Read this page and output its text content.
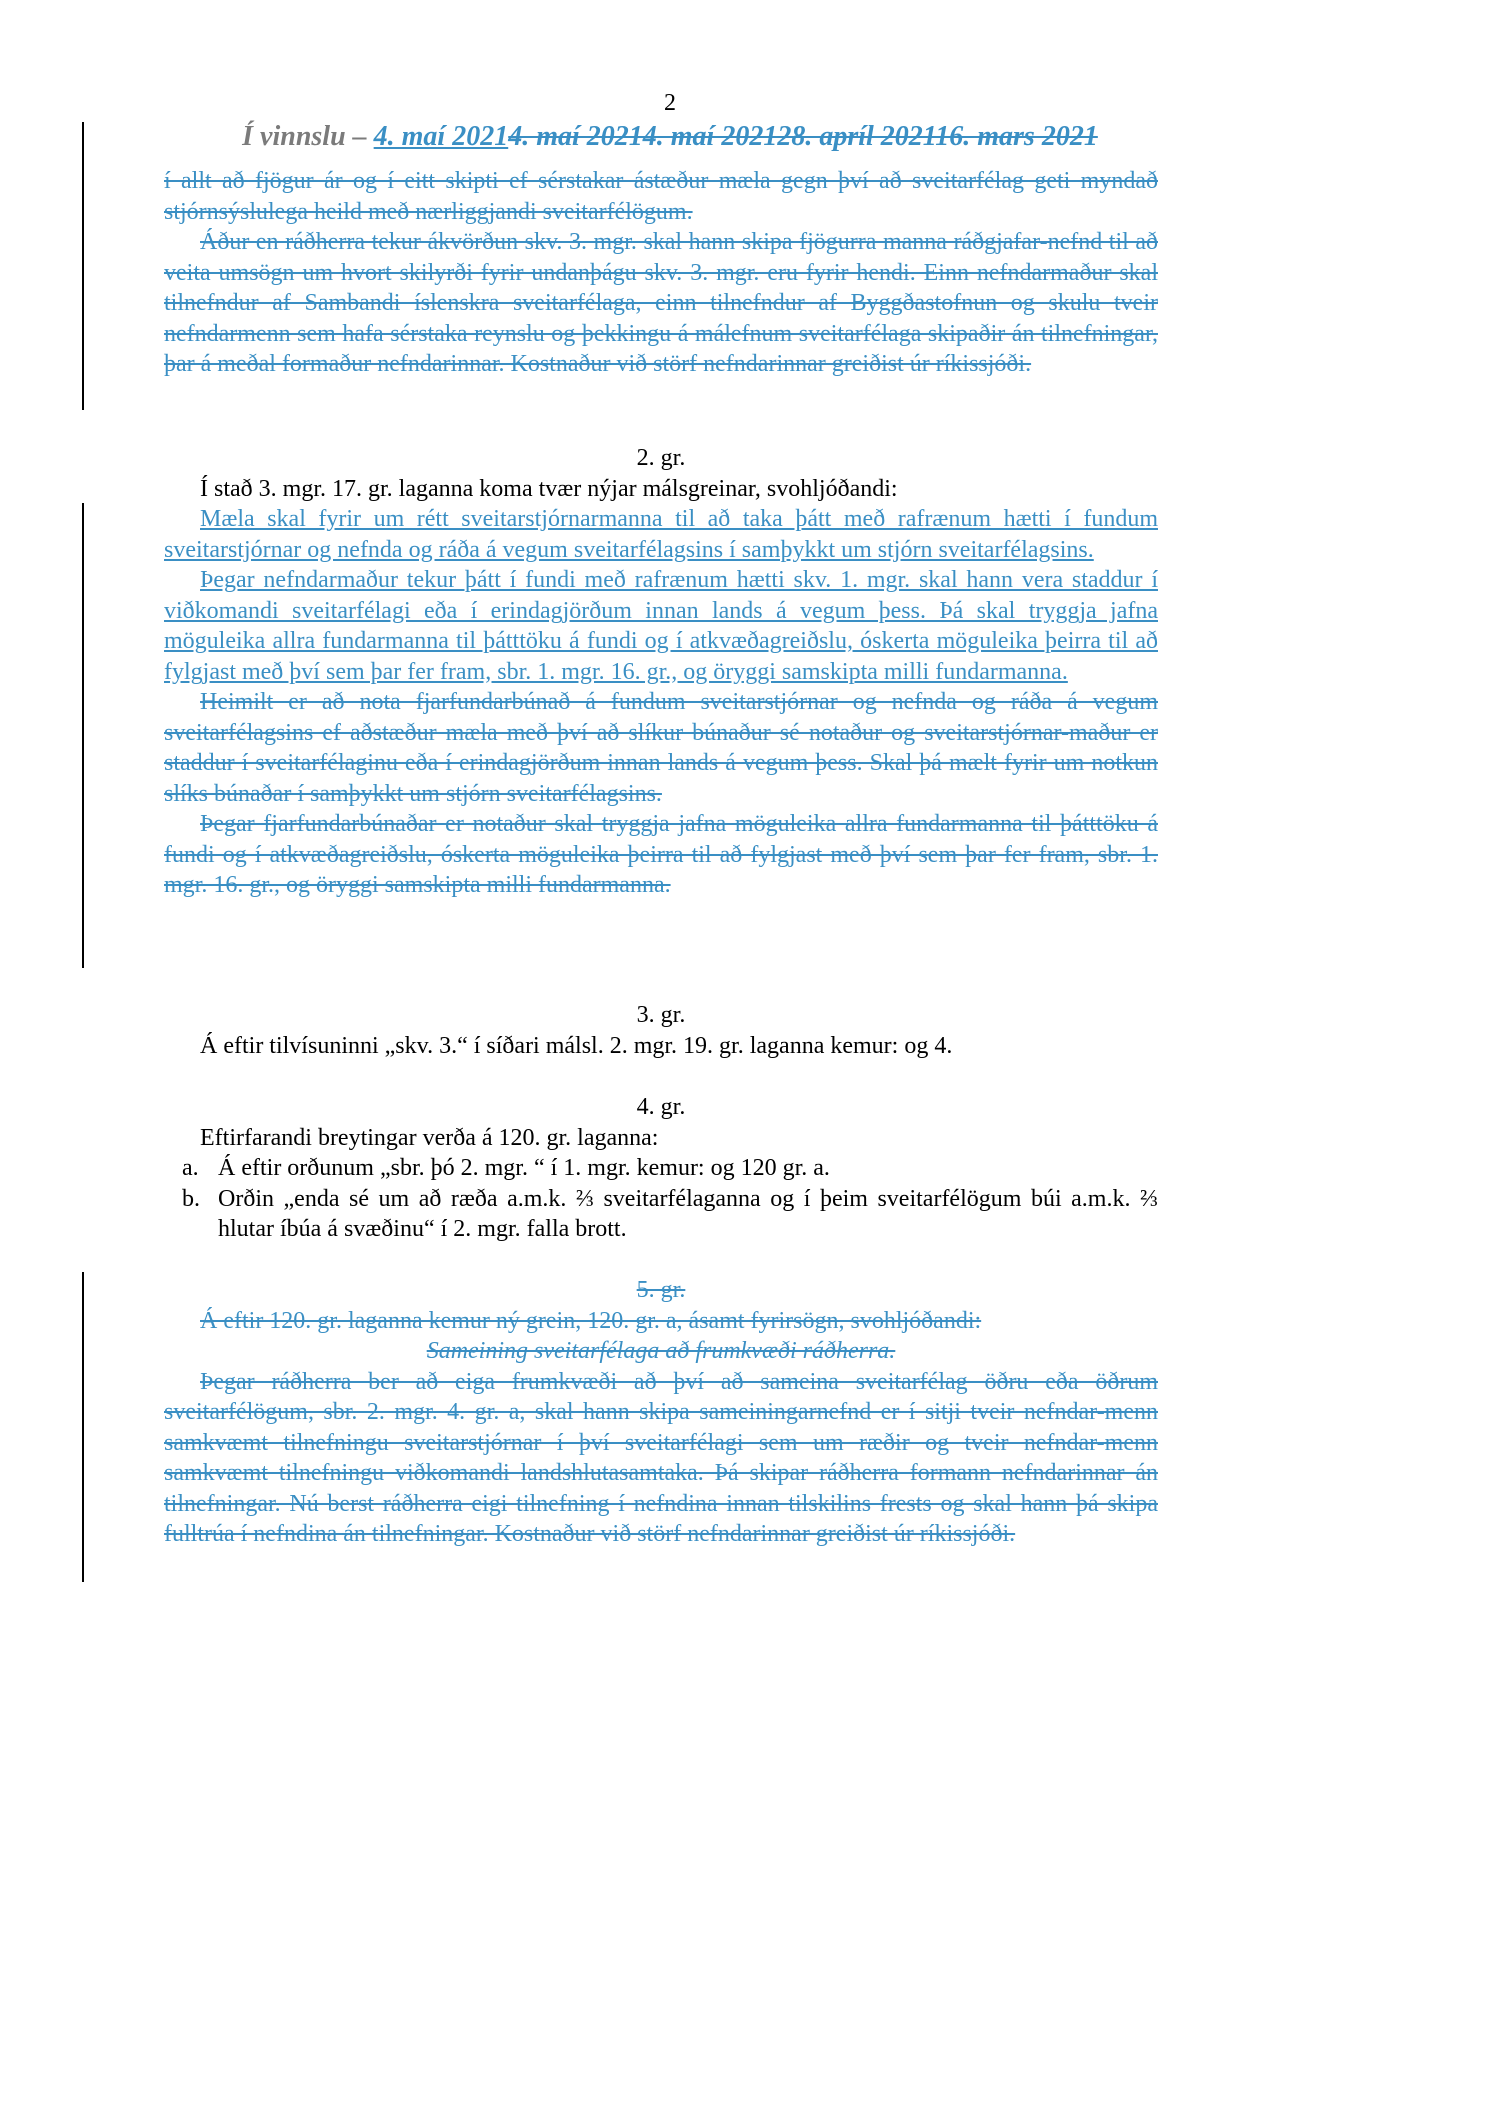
2
Í vinnslu – 4. maí 20214. maí 20214. maí 202128. apríl 202116. mars 2021

í allt að fjögur ár og í eitt skipti ef sérstakar ástæður mæla gegn því að sveitarfélag geti myndað stjórnsýslulega heild með nærliggjandi sveitarfélögum.

Áður en ráðherra tekur ákvörðun skv. 3. mgr. skal hann skipa fjögurra manna ráðgjafar-nefnd til að veita umsögn um hvort skilyrði fyrir undanþágu skv. 3. mgr. eru fyrir hendi. Einn nefndarmaður skal tilnefndur af Sambandi íslenskra sveitarfélaga, einn tilnefndur af Byggðastofnun og skulu tveir nefndarmenn sem hafa sérstaka reynslu og þekkingu á málefnum sveitarfélaga skipaðir án tilnefningar, þar á meðal formaður nefndarinnar. Kostnaður við störf nefndarinnar greiðist úr ríkissjóði.

2. gr.

Í stað 3. mgr. 17. gr. laganna koma tvær nýjar málsgreinar, svohljóðandi:

Mæla skal fyrir um rétt sveitarstjórnarmanna til að taka þátt með rafrænum hætti í fundum sveitarstjórnar og nefnda og ráða á vegum sveitarfélagsins í samþykkt um stjórn sveitarfélagsins.

Þegar nefndarmaður tekur þátt í fundi með rafrænum hætti skv. 1. mgr. skal hann vera staddur í viðkomandi sveitarfélagi eða í erindagjörðum innan lands á vegum þess. Þá skal tryggja jafna möguleika allra fundarmanna til þátttöku á fundi og í atkvæðagreiðslu, óskerta möguleika þeirra til að fylgjast með því sem þar fer fram, sbr. 1. mgr. 16. gr., og öryggi samskipta milli fundarmanna.

Heimilt er að nota fjarfundarbúnað á fundum sveitarstjórnar og nefnda og ráða á vegum sveitarfélagsins ef aðstæður mæla með því að slíkur búnaður sé notaður og sveitarstjórnar-maður er staddur í sveitarfélaginu eða í erindagjörðum innan lands á vegum þess. Skal þá mælt fyrir um notkun slíks búnaðar í samþykkt um stjórn sveitarfélagsins.

Þegar fjarfundarbúnaðar er notaður skal tryggja jafna möguleika allra fundarmanna til þátttöku á fundi og í atkvæðagreiðslu, óskerta möguleika þeirra til að fylgjast með því sem þar fer fram, sbr. 1. mgr. 16. gr., og öryggi samskipta milli fundarmanna.

3. gr.

Á eftir tilvísuninni „skv. 3.“ í síðari málsl. 2. mgr. 19. gr. laganna kemur: og 4.

4. gr.

Eftirfarandi breytingar verða á 120. gr. laganna:

a. Á eftir orðunum „sbr. þó 2. mgr. “ í 1. mgr. kemur: og 120 gr. a.

b. Orðin „enda sé um að ræða a.m.k. ⅔ sveitarfélaganna og í þeim sveitarfélögum búi a.m.k. ⅔ hlutar íbúa á svæðinu“ í 2. mgr. falla brott.

5. gr.

Á eftir 120. gr. laganna kemur ný grein, 120. gr. a, ásamt fyrirsögn, svohljóðandi:

Sameining sveitarfélaga að frumkvæði ráðherra.

Þegar ráðherra ber að eiga frumkvæði að því að sameina sveitarfélag öðru eða öðrum sveitarfélögum, sbr. 2. mgr. 4. gr. a, skal hann skipa sameiningarnefnd er í sitji tveir nefndar-menn samkvæmt tilnefningu sveitarstjórnar í því sveitarfélagi sem um ræðir og tveir nefndar-menn samkvæmt tilnefningu viðkomandi landshlutasamtaka. Þá skipar ráðherra formann nefndarinnar án tilnefningar. Nú berst ráðherra eigi tilnefning í nefndina innan tilskilins frests og skal hann þá skipa fulltrúa í nefndina án tilnefningar. Kostnaður við störf nefndarinnar greiðist úr ríkissjóði.
